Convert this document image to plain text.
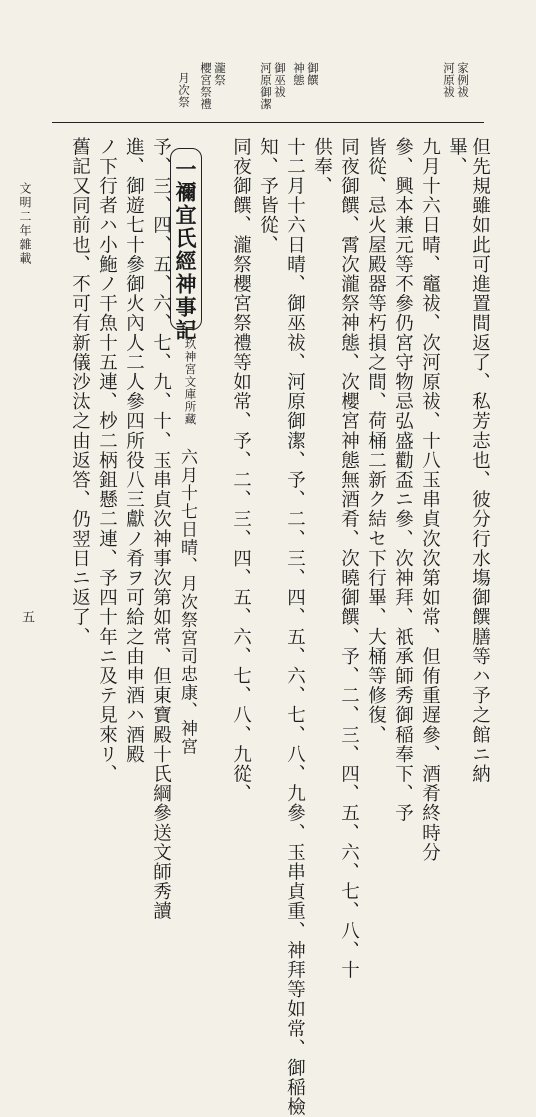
家例祓
河原祓
御饌
神態
御巫祓
河原御潔
瀧祭
櫻宮祭禮
月次祭
但先規雖如此可進置間返了、私芳志也、彼分行水塲御饌膳等ハ予之館ニ納
畢、
九月十六日晴、竈祓、次河原祓、十八玉串貞次次第如常、但侑重遅參、酒肴終時分
參、興本兼元等不參仍宮守物忌弘盛勸盃ニ參、次神拜、祇承師秀御稲奉下、予
皆從、忌火屋殿器等朽損之間、荷桶二新ク結セ下行畢、大桶等修復、
同夜御饌、霄次瀧祭神態、次櫻宮神態無酒肴、次曉御饌、予、二、三、四、五、六、七、八、十
供奉、
十二月十六日晴、御巫祓、河原御潔、予、二、三、四、五、六、七、八、九參、玉串貞重、神拜等如常、御稲檢
知、予皆從、
同夜御饌、瀧祭櫻宮祭禮等如常、予、二、三、四、五、六、七、八、九從、
一禰宜氏經神事記
玖神宮文庫所藏
六月十七日晴、月次祭宮司忠康、神宮
予、三、四、五、六、七、九、十、玉串貞次神事次第如常、但東寶殿十氏綱參送文師秀讀
進、御遊七十參御火內人二人參四所役八三獻ノ肴ヲ可給之由申酒ハ酒殿
ノ下行者ハ小䰿ノ干魚十五連、杪二柄鉏懸二連、予四十年ニ及テ見來リ、
舊記又同前也、不可有新儀沙汰之由返答、仍翌日ニ返了、
文明二年雜載
五
